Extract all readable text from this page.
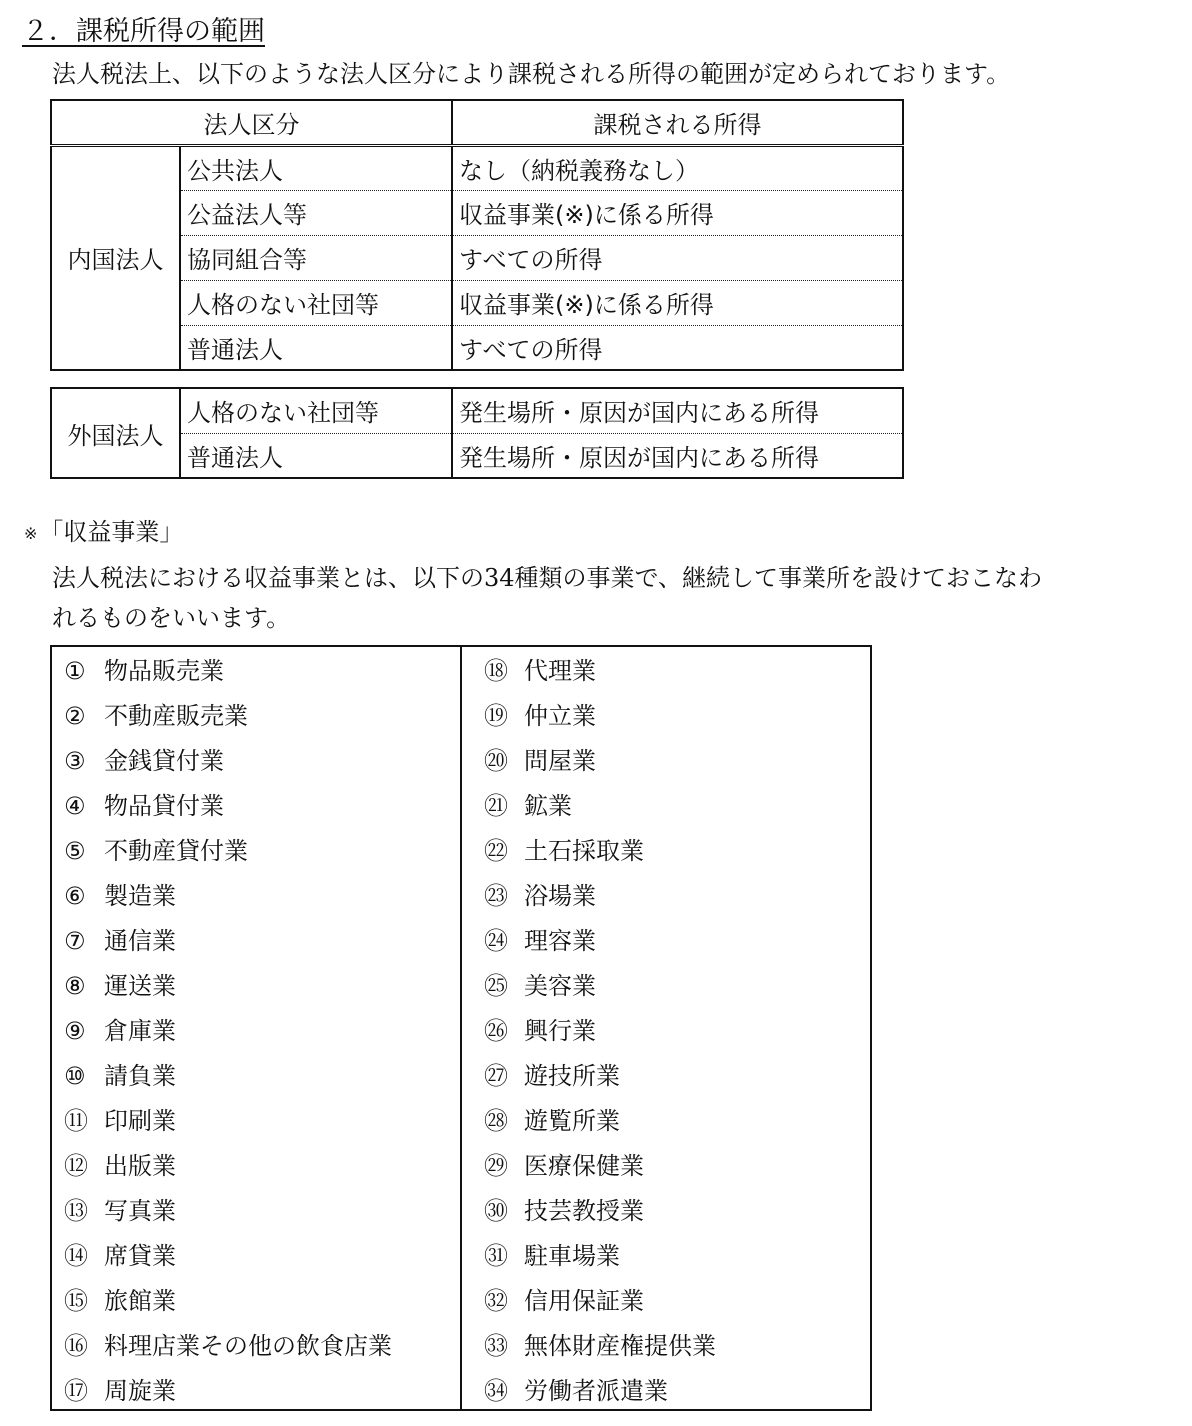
２．課税所得の範囲

法人税法上、以下のような法人区分により課税される所得の範囲が定められております。

法人区分		課税される所得
内国法人	公共法人	なし（納税義務なし）
	公益法人等	収益事業(※)に係る所得
	協同組合等	すべての所得
	人格のない社団等	収益事業(※)に係る所得
	普通法人	すべての所得
外国法人	人格のない社団等	発生場所・原因が国内にある所得
	普通法人	発生場所・原因が国内にある所得

※「収益事業」

法人税法における収益事業とは、以下の34種類の事業で、継続して事業所を設けておこなわ
れるものをいいます。

① 物品販売業
② 不動産販売業
③ 金銭貸付業
④ 物品貸付業
⑤ 不動産貸付業
⑥ 製造業
⑦ 通信業
⑧ 運送業
⑨ 倉庫業
⑩ 請負業
⑪ 印刷業
⑫ 出版業
⑬ 写真業
⑭ 席貸業
⑮ 旅館業
⑯ 料理店業その他の飲食店業
⑰ 周旋業
⑱ 代理業
⑲ 仲立業
⑳ 問屋業
㉑ 鉱業
㉒ 土石採取業
㉓ 浴場業
㉔ 理容業
㉕ 美容業
㉖ 興行業
㉗ 遊技所業
㉘ 遊覧所業
㉙ 医療保健業
㉚ 技芸教授業
㉛ 駐車場業
㉜ 信用保証業
㉝ 無体財産権提供業
㉞ 労働者派遣業
